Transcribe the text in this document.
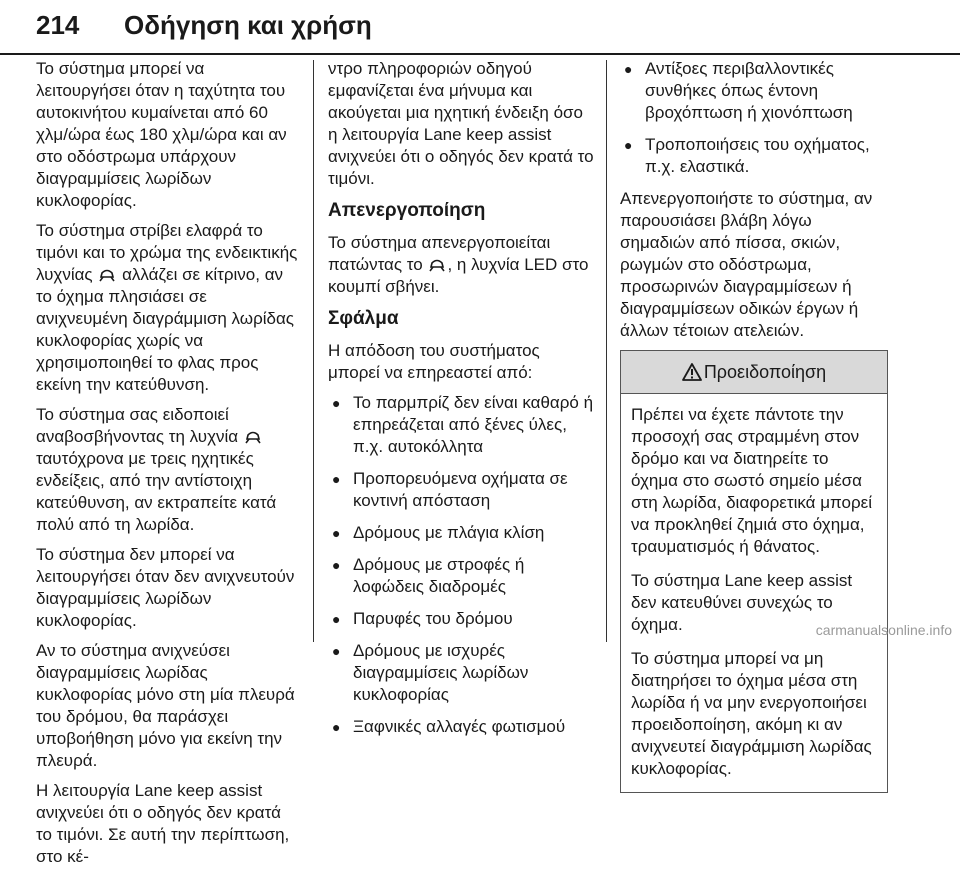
214 Οδήγηση και χρήση

Το σύστημα μπορεί να λειτουργήσει όταν η ταχύτητα του αυτοκινήτου κυμαίνεται από 60 χλμ/ώρα έως 180 χλμ/ώρα και αν στο οδόστρωμα υπάρχουν διαγραμμίσεις λωρίδων κυκλοφορίας.

Το σύστημα στρίβει ελαφρά το τιμόνι και το χρώμα της ενδεικτικής λυχνίας αλλάζει σε κίτρινο, αν το όχημα πλησιάσει σε ανιχνευμένη διαγράμμιση λωρίδας κυκλοφορίας χωρίς να χρησιμοποιηθεί το φλας προς εκείνη την κατεύθυνση.

Το σύστημα σας ειδοποιεί αναβοσβήνοντας τη λυχνία  ταυτόχρονα με τρεις ηχητικές ενδείξεις, από την αντίστοιχη κατεύθυνση, αν εκτραπείτε κατά πολύ από τη λωρίδα.

Το σύστημα δεν μπορεί να λειτουργήσει όταν δεν ανιχνευτούν διαγραμμίσεις λωρίδων κυκλοφορίας.

Αν το σύστημα ανιχνεύσει διαγραμμίσεις λωρίδας κυκλοφορίας μόνο στη μία πλευρά του δρόμου, θα παράσχει υποβοήθηση μόνο για εκείνη την πλευρά.

Η λειτουργία Lane keep assist ανιχνεύει ότι ο οδηγός δεν κρατά το τιμόνι. Σε αυτή την περίπτωση, στο κέ-

ντρο πληροφοριών οδηγού εμφανίζεται ένα μήνυμα και ακούγεται μια ηχητική ένδειξη όσο η λειτουργία Lane keep assist ανιχνεύει ότι ο οδηγός δεν κρατά το τιμόνι.

Απενεργοποίηση

Το σύστημα απενεργοποιείται πατώντας το , η λυχνία LED στο κουμπί σβήνει.

Σφάλμα

Η απόδοση του συστήματος μπορεί να επηρεαστεί από:

● Το παρμπρίζ δεν είναι καθαρό ή επηρεάζεται από ξένες ύλες, π.χ. αυτοκόλλητα
● Προπορευόμενα οχήματα σε κοντινή απόσταση
● Δρόμους με πλάγια κλίση
● Δρόμους με στροφές ή λοφώδεις διαδρομές
● Παρυφές του δρόμου
● Δρόμους με ισχυρές διαγραμμίσεις λωρίδων κυκλοφορίας
● Ξαφνικές αλλαγές φωτισμού
● Αντίξοες περιβαλλοντικές συνθήκες όπως έντονη βροχόπτωση ή χιονόπτωση
● Τροποποιήσεις του οχήματος, π.χ. ελαστικά.

Απενεργοποιήστε το σύστημα, αν παρουσιάσει βλάβη λόγω σημαδιών από πίσσα, σκιών, ρωγμών στο οδόστρωμα, προσωρινών διαγραμμίσεων ή διαγραμμίσεων οδικών έργων ή άλλων τέτοιων ατελειών.

Προειδοποίηση

Πρέπει να έχετε πάντοτε την προσοχή σας στραμμένη στον δρόμο και να διατηρείτε το όχημα στο σωστό σημείο μέσα στη λωρίδα, διαφορετικά μπορεί να προκληθεί ζημιά στο όχημα, τραυματισμός ή θάνατος.

Το σύστημα Lane keep assist δεν κατευθύνει συνεχώς το όχημα.

Το σύστημα μπορεί να μη διατηρήσει το όχημα μέσα στη λωρίδα ή να μην ενεργοποιήσει προειδοποίηση, ακόμη κι αν ανιχνευτεί διαγράμμιση λωρίδας κυκλοφορίας.

carmanualsonline.info
